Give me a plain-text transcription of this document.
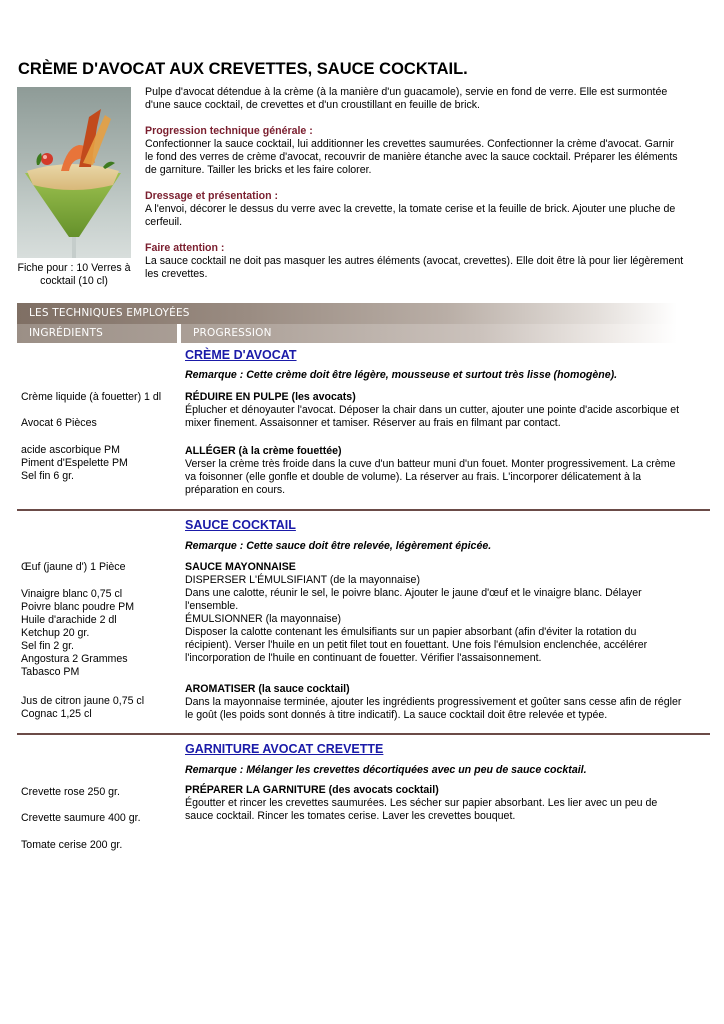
CRÈME D'AVOCAT AUX CREVETTES, SAUCE COCKTAIL.
Fiche pour : 10 Verres à cocktail (10 cl)

Pulpe d'avocat détendue à la crème (à la manière d'un guacamole), servie en fond de verre. Elle est surmontée d'une sauce cocktail, de crevettes et d'un croustillant en feuille de brick.

Progression technique générale :
Confectionner la sauce cocktail, lui additionner les crevettes saumurées. Confectionner la crème d'avocat. Garnir le fond des verres de crème d'avocat, recouvrir de manière étanche avec la sauce cocktail. Préparer les éléments de garniture. Tailler les bricks et les faire colorer.

Dressage et présentation :
A l'envoi, décorer le dessus du verre avec la crevette, la tomate cerise et la feuille de brick. Ajouter une pluche de cerfeuil.

Faire attention :
La sauce cocktail ne doit pas masquer les autres éléments (avocat, crevettes). Elle doit être là pour lier légèrement les crevettes.

LES TECHNIQUES EMPLOYÉES
INGRÉDIENTS	PROGRESSION
CRÈME D'AVOCAT
Remarque : Cette crème doit être légère, mousseuse et surtout très lisse (homogène).
Crème liquide (à fouetter) 1 dl
Avocat 6 Pièces
acide ascorbique PM
Piment d'Espelette PM
Sel fin 6 gr.
RÉDUIRE EN PULPE (les avocats)
Éplucher et dénoyauter l'avocat. Déposer la chair dans un cutter, ajouter une pointe d'acide ascorbique et mixer finement. Assaisonner et tamiser. Réserver au frais en filmant par contact.
ALLÉGER (à la crème fouettée)
Verser la crème très froide dans la cuve d'un batteur muni d'un fouet. Monter progressivement. La crème va foisonner (elle gonfle et double de volume). La réserver au frais. L'incorporer délicatement à la préparation en cours.
SAUCE COCKTAIL
Remarque : Cette sauce doit être relevée, légèrement épicée.
Œuf (jaune d') 1 Pièce
Vinaigre blanc 0,75 cl
Poivre blanc poudre PM
Huile d'arachide 2 dl
Ketchup 20 gr.
Sel fin 2 gr.
Angostura 2 Grammes
Tabasco PM
Jus de citron jaune 0,75 cl
Cognac 1,25 cl
SAUCE MAYONNAISE
DISPERSER L'ÉMULSIFIANT (de la mayonnaise)
Dans une calotte, réunir le sel, le poivre blanc. Ajouter le jaune d'œuf et le vinaigre blanc. Délayer l'ensemble.
ÉMULSIONNER (la mayonnaise)
Disposer la calotte contenant les émulsifiants sur un papier absorbant (afin d'éviter la rotation du récipient). Verser l'huile en un petit filet tout en fouettant. Une fois l'émulsion enclenchée, accélérer l'incorporation de l'huile en continuant de fouetter. Vérifier l'assaisonnement.
AROMATISER (la sauce cocktail)
Dans la mayonnaise terminée, ajouter les ingrédients progressivement et goûter sans cesse afin de régler le goût (les poids sont donnés à titre indicatif). La sauce cocktail doit être relevée et typée.
GARNITURE AVOCAT CREVETTE
Remarque : Mélanger les crevettes décortiquées avec un peu de sauce cocktail.
Crevette rose 250 gr.
Crevette saumure 400 gr.
Tomate cerise 200 gr.
PRÉPARER LA GARNITURE (des avocats cocktail)
Égoutter et rincer les crevettes saumurées. Les sécher sur papier absorbant. Les lier avec un peu de sauce cocktail. Rincer les tomates cerise. Laver les crevettes bouquet.
